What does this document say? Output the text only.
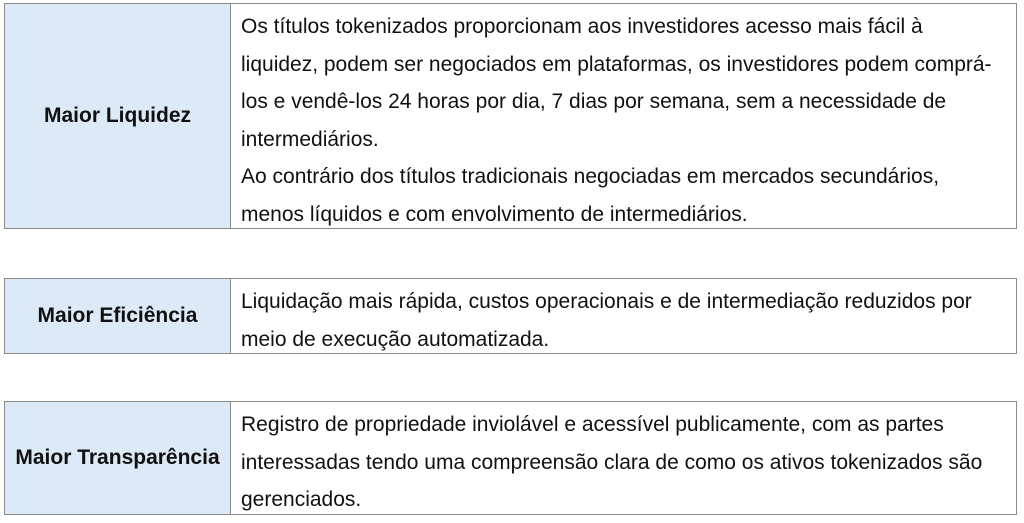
Maior Liquidez

Os títulos tokenizados proporcionam aos investidores acesso mais fácil à liquidez, podem ser negociados em plataformas, os investidores podem comprá-los e vendê-los 24 horas por dia, 7 dias por semana, sem a necessidade de intermediários.

Ao contrário dos títulos tradicionais negociadas em mercados secundários, menos líquidos e com envolvimento de intermediários.

Maior Eficiência

Liquidação mais rápida, custos operacionais e de intermediação reduzidos por meio de execução automatizada.

Maior Transparência

Registro de propriedade inviolável e acessível publicamente, com as partes interessadas tendo uma compreensão clara de como os ativos tokenizados são gerenciados.
